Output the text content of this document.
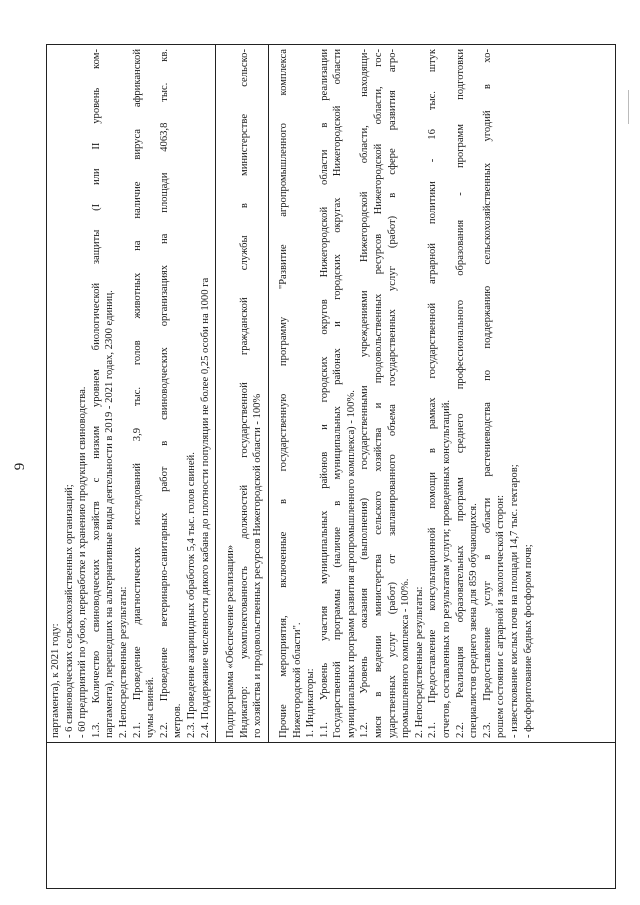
9
партамента), к 2021 году: - 6 свиноводческих сельскохозяйственных организаций; - 60 предприятий по убою, переработке и хранению продукции свиноводства. 1.3. Количество свиноводческих хозяйств с низким уровнем биологической защиты (I или II уровень ком- партамента), перешедших на альтернативные виды деятельности в 2019 - 2021 годах, 2300 единиц. 2. Непосредственные результаты: 2.1. Проведение диагностических исследований 3,9 тыс. голов животных на наличие вируса африканской чумы свиней. 2.2. Проведение ветеринарно-санитарных работ в свиноводческих организациях на площади 4063,8 тыс. кв. метров. 2.3. Проведение акарицидных обработок 5,4 тыс. голов свиней. 2.4. Поддержание численности дикого кабана до плотности популяции не более 0,25 особи на 1000 га Подпрограмма «Обеспечение реализации» Индикатор: укомплектованность должностей государственной гражданской службы в министерстве сельско- го хозяйства и продовольственных ресурсов Нижегородской области - 100% Прочие мероприятия, включенные в государственную программу "Развитие агропромышленного комплекса Нижегородской области". 1. Индикаторы: 1.1. Уровень участия муниципальных районов и городских округов Нижегородской области в реализации Государственной программы (наличие в муниципальных районах и городских округах Нижегородской области муниципальных программ развития агропромышленного комплекса) - 100%. 1.2. Уровень оказания (выполнения) государственными учреждениями Нижегородской области, находящи- мися в ведении министерства сельского хозяйства и продовольственных ресурсов Нижегородской области, гос- ударственных услуг (работ) от запланированного объема государственных услуг (работ) в сфере развития агро- промышленного комплекса - 100%. 2. Непосредственные результаты: 2.1. Предоставление консультационной помощи в рамках государственной аграрной политики - 16 тыс. штук отчетов, составленных по результатам услуги; проведенных консультаций. 2.2. Реализация образовательных программ среднего профессионального образования - программ подготовки специалистов среднего звена для 859 обучающихся. 2.3. Предоставление услуг в области растениеводства по поддержанию сельскохозяйственных угодий в хо- рошем состоянии с аграрной и экологической сторон: - известкование кислых почв на площади 14,7 тыс. гектаров; - фосфоритование бедных фосфором почв;
